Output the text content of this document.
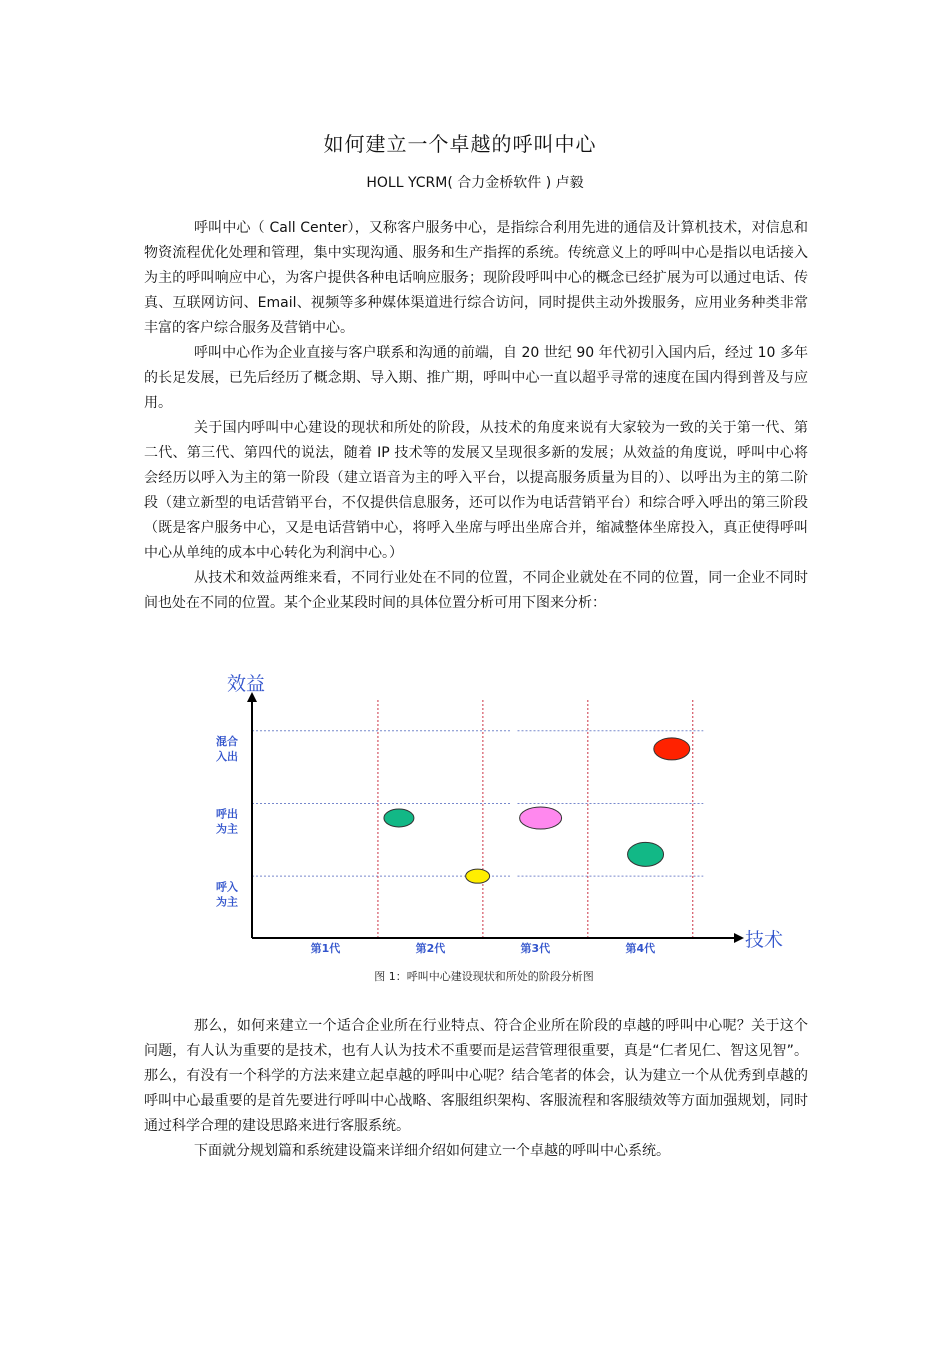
如何建立一个卓越的呼叫中心
HOLL YCRM( 合力金桥软件 ) 卢毅

呼叫中心（ Call Center），又称客户服务中心，是指综合利用先进的通信及计算机技术，对信息和物资流程优化处理和管理，集中实现沟通、服务和生产指挥的系统。传统意义上的呼叫中心是指以电话接入为主的呼叫响应中心，为客户提供各种电话响应服务；现阶段呼叫中心的概念已经扩展为可以通过电话、传真、互联网访问、Email、视频等多种媒体渠道进行综合访问，同时提供主动外拨服务，应用业务种类非常丰富的客户综合服务及营销中心。

呼叫中心作为企业直接与客户联系和沟通的前端，自 20 世纪 90 年代初引入国内后，经过 10 多年的长足发展，已先后经历了概念期、导入期、推广期，呼叫中心一直以超乎寻常的速度在国内得到普及与应用。

关于国内呼叫中心建设的现状和所处的阶段，从技术的角度来说有大家较为一致的关于第一代、第二代、第三代、第四代的说法，随着 IP 技术等的发展又呈现很多新的发展；从效益的角度说，呼叫中心将会经历以呼入为主的第一阶段（建立语音为主的呼入平台，以提高服务质量为目的）、以呼出为主的第二阶段（建立新型的电话营销平台，不仅提供信息服务，还可以作为电话营销平台）和综合呼入呼出的第三阶段（既是客户服务中心，又是电话营销中心，将呼入坐席与呼出坐席合并，缩减整体坐席投入，真正使得呼叫中心从单纯的成本中心转化为利润中心。）

从技术和效益两维来看，不同行业处在不同的位置，不同企业就处在不同的位置，同一企业不同时间也处在不同的位置。某个企业某段时间的具体位置分析可用下图来分析：

效益
技术
第1代	第2代	第3代	第4代
呼入为主
呼出为主
混合入出
图 1：呼叫中心建设现状和所处的阶段分析图

那么，如何来建立一个适合企业所在行业特点、符合企业所在阶段的卓越的呼叫中心呢？关于这个问题，有人认为重要的是技术，也有人认为技术不重要而是运营管理很重要，真是“仁者见仁、智这见智”。那么，有没有一个科学的方法来建立起卓越的呼叫中心呢？结合笔者的体会，认为建立一个从优秀到卓越的呼叫中心最重要的是首先要进行呼叫中心战略、客服组织架构、客服流程和客服绩效等方面加强规划，同时通过科学合理的建设思路来进行客服系统。

下面就分规划篇和系统建设篇来详细介绍如何建立一个卓越的呼叫中心系统。
